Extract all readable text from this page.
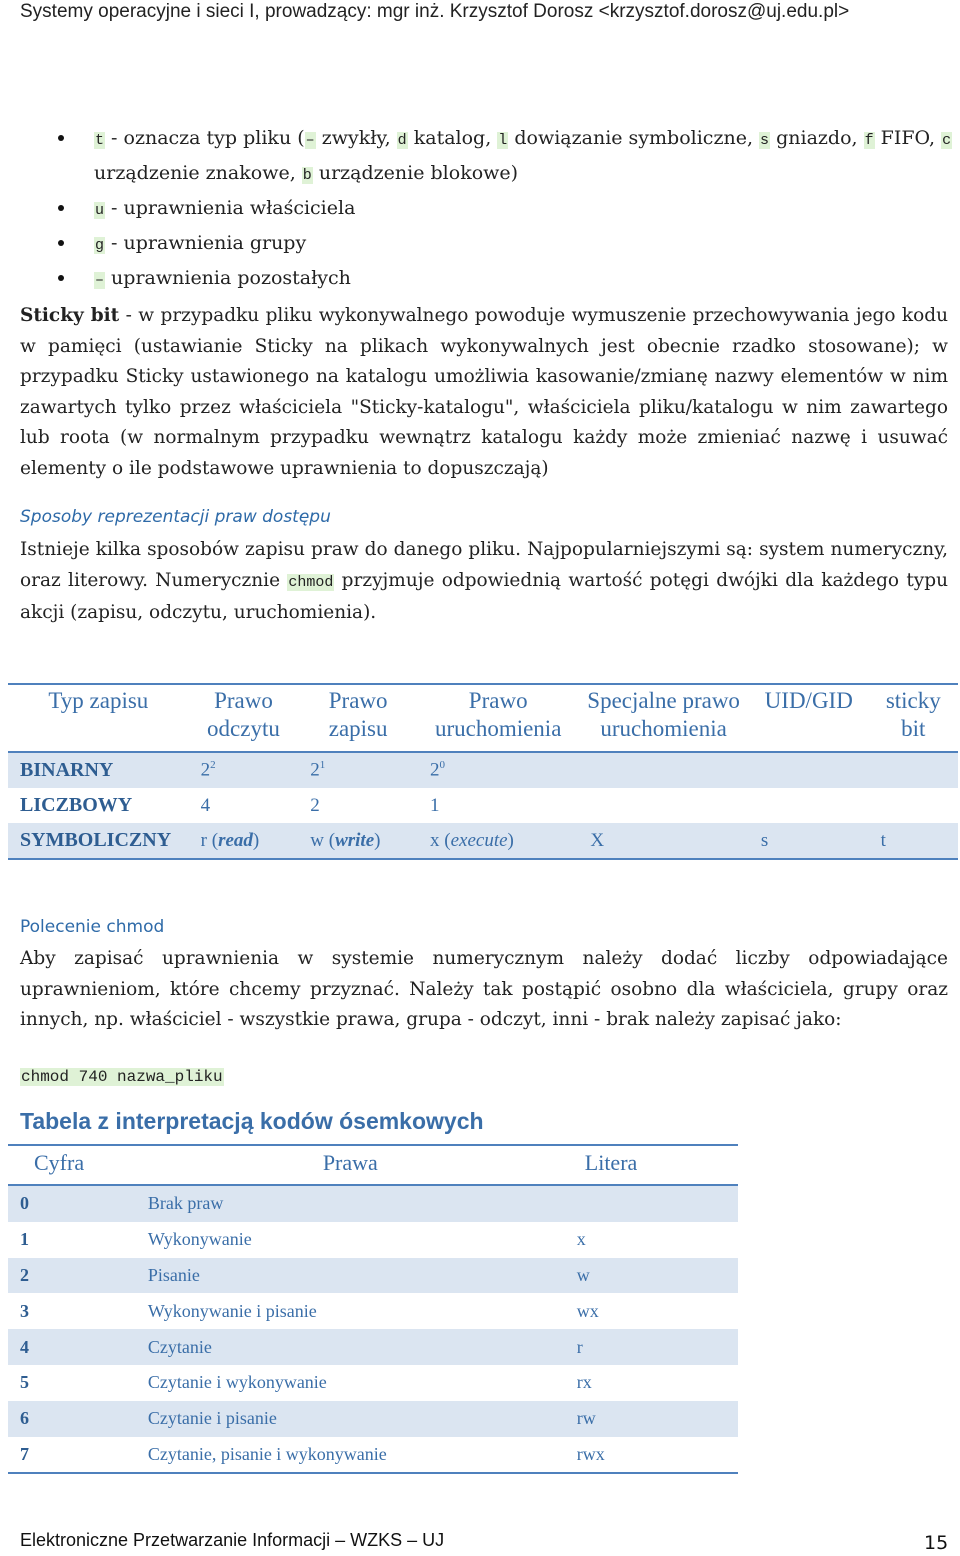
Systemy operacyjne i sieci I, prowadzący: mgr inż. Krzysztof Dorosz <krzysztof.dorosz@uj.edu.pl>
t - oznacza typ pliku (– zwykły, d katalog, l dowiązanie symboliczne, s gniazdo, f FIFO, c urządzenie znakowe, b urządzenie blokowe)
u - uprawnienia właściciela
g - uprawnienia grupy
– uprawnienia pozostałych
Sticky bit - w przypadku pliku wykonywalnego powoduje wymuszenie przechowywania jego kodu w pamięci (ustawianie Sticky na plikach wykonywalnych jest obecnie rzadko stosowane); w przypadku Sticky ustawionego na katalogu umożliwia kasowanie/zmianę nazwy elementów w nim zawartych tylko przez właściciela "Sticky-katalogu", właściciela pliku/katalogu w nim zawartego lub roota (w normalnym przypadku wewnątrz katalogu każdy może zmieniać nazwę i usuwać elementy o ile podstawowe uprawnienia to dopuszczają)
Sposoby reprezentacji praw dostępu
Istnieje kilka sposobów zapisu praw do danego pliku. Najpopularniejszymi są: system numeryczny, oraz literowy. Numerycznie chmod przyjmuje odpowiednią wartość potęgi dwójki dla każdego typu akcji (zapisu, odczytu, uruchomienia).
Typ zapisu	Prawo odczytu	Prawo zapisu	Prawo uruchomienia	Specjalne prawo uruchomienia	UID/GID	sticky bit
BINARNY	$2^2$	$2^1$	$2^0$			
LICZBOWY	4	2	1			
SYMBOLICZNY	r (read)	w (write)	x (execute)	X	s	t
Polecenie chmod
Aby zapisać uprawnienia w systemie numerycznym należy dodać liczby odpowiadające uprawnieniom, które chcemy przyznać. Należy tak postąpić osobno dla właściciela, grupy oraz innych, np. właściciel - wszystkie prawa, grupa - odczyt, inni - brak należy zapisać jako:
chmod 740 nazwa_pliku
Tabela z interpretacją kodów ósemkowych
Cyfra	Prawa	Litera
0	Brak praw	
1	Wykonywanie	x
2	Pisanie	w
3	Wykonywanie i pisanie	wx
4	Czytanie	r
5	Czytanie i wykonywanie	rx
6	Czytanie i pisanie	rw
7	Czytanie, pisanie i wykonywanie	rwx
Elektroniczne Przetwarzanie Informacji – WZKS – UJ	15
